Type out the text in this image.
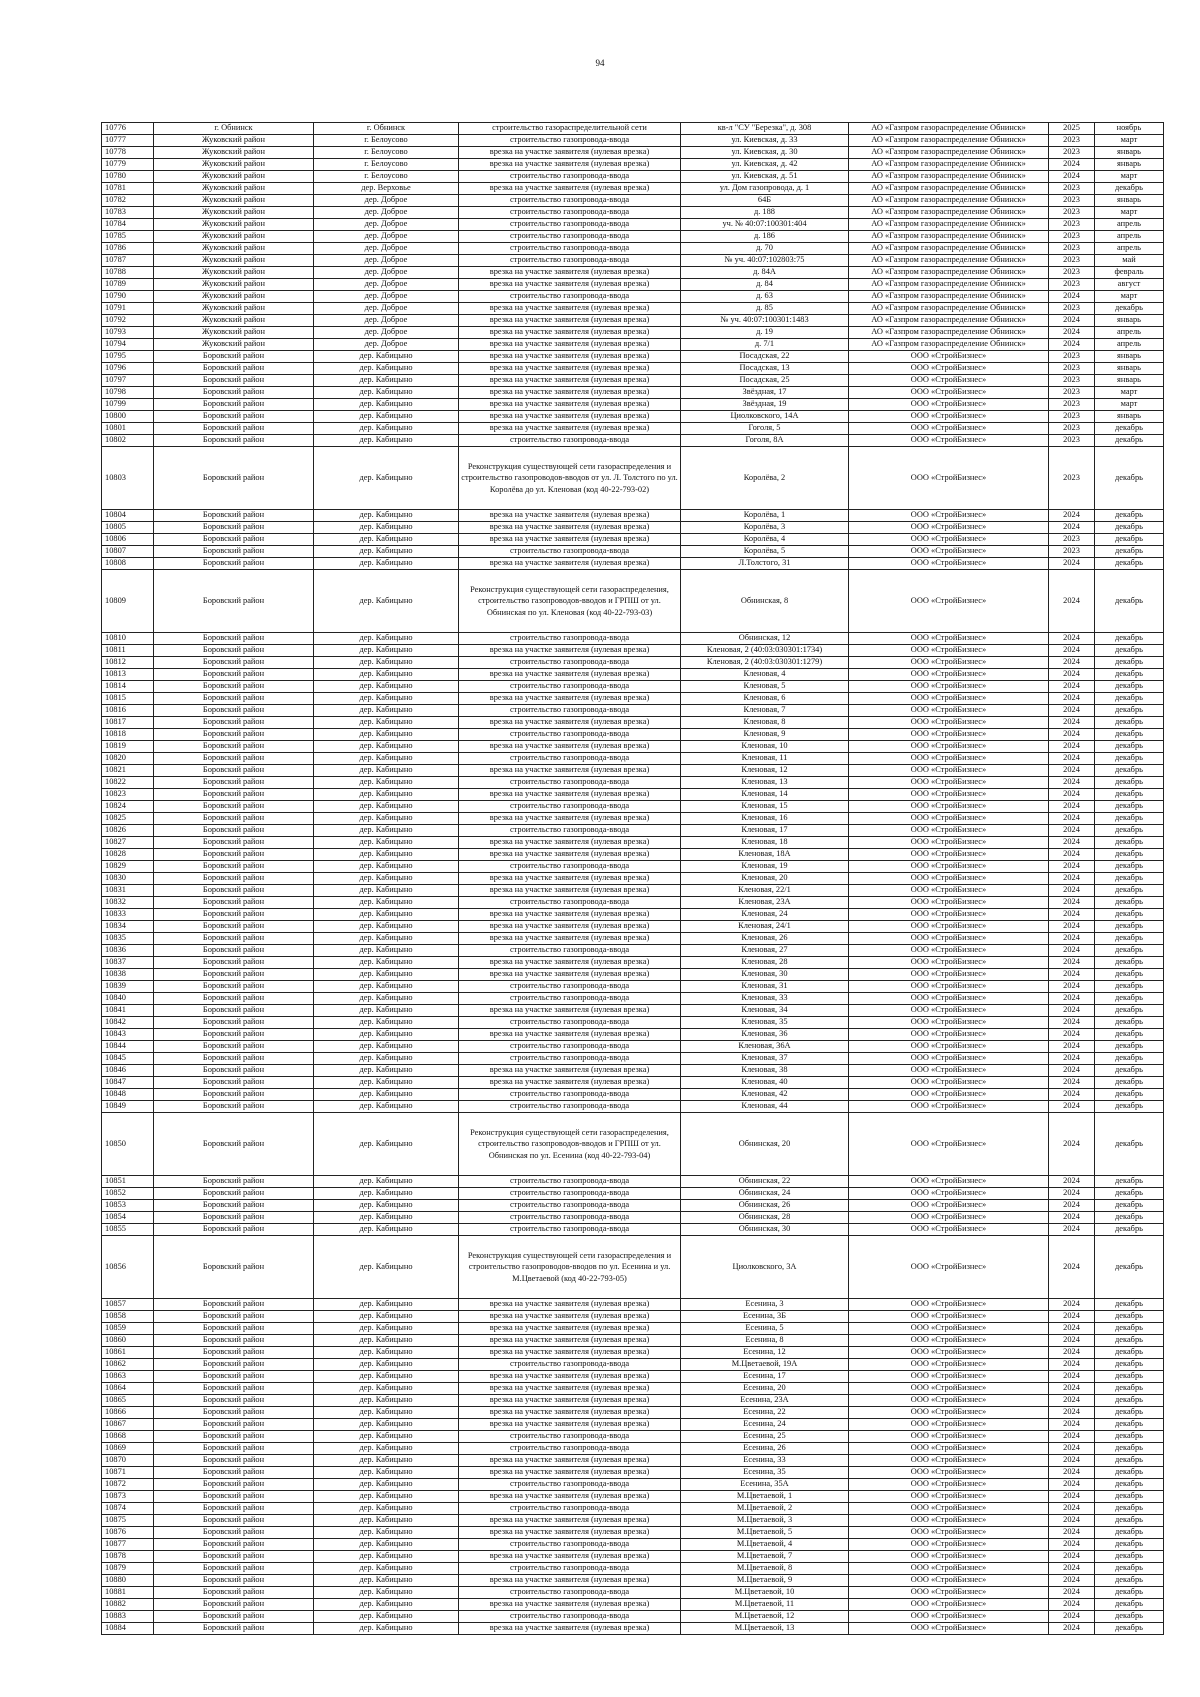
94
10776	г. Обнинск	г. Обнинск	строительство газораспределительной сети	кв-л "СУ "Березка", д. 308	АО «Газпром газораспределение Обнинск»	2025	ноябрь
10777	Жуковский район	г. Белоусово	строительство газопровода-ввода	ул. Киевская, д. 33	АО «Газпром газораспределение Обнинск»	2023	март
10778	Жуковский район	г. Белоусово	врезка на участке заявителя (нулевая врезка)	ул. Киевская, д. 30	АО «Газпром газораспределение Обнинск»	2023	январь
10779	Жуковский район	г. Белоусово	врезка на участке заявителя (нулевая врезка)	ул. Киевская, д. 42	АО «Газпром газораспределение Обнинск»	2024	январь
10780	Жуковский район	г. Белоусово	строительство газопровода-ввода	ул. Киевская, д. 51	АО «Газпром газораспределение Обнинск»	2024	март
10781	Жуковский район	дер. Верховье	врезка на участке заявителя (нулевая врезка)	ул. Дом газопровода, д. 1	АО «Газпром газораспределение Обнинск»	2023	декабрь
10782	Жуковский район	дер. Доброе	строительство газопровода-ввода	64Б	АО «Газпром газораспределение Обнинск»	2023	январь
10783	Жуковский район	дер. Доброе	строительство газопровода-ввода	д. 188	АО «Газпром газораспределение Обнинск»	2023	март
10784	Жуковский район	дер. Доброе	строительство газопровода-ввода	уч. № 40:07:100301:404	АО «Газпром газораспределение Обнинск»	2023	апрель
10785	Жуковский район	дер. Доброе	строительство газопровода-ввода	д. 186	АО «Газпром газораспределение Обнинск»	2023	апрель
10786	Жуковский район	дер. Доброе	строительство газопровода-ввода	д. 70	АО «Газпром газораспределение Обнинск»	2023	апрель
10787	Жуковский район	дер. Доброе	строительство газопровода-ввода	№ уч. 40:07:102803:75	АО «Газпром газораспределение Обнинск»	2023	май
10788	Жуковский район	дер. Доброе	врезка на участке заявителя (нулевая врезка)	д. 84А	АО «Газпром газораспределение Обнинск»	2023	февраль
10789	Жуковский район	дер. Доброе	врезка на участке заявителя (нулевая врезка)	д. 84	АО «Газпром газораспределение Обнинск»	2023	август
10790	Жуковский район	дер. Доброе	строительство газопровода-ввода	д. 63	АО «Газпром газораспределение Обнинск»	2024	март
10791	Жуковский район	дер. Доброе	врезка на участке заявителя (нулевая врезка)	д. 85	АО «Газпром газораспределение Обнинск»	2023	декабрь
10792	Жуковский район	дер. Доброе	врезка на участке заявителя (нулевая врезка)	№ уч. 40:07:100301:1483	АО «Газпром газораспределение Обнинск»	2024	январь
10793	Жуковский район	дер. Доброе	врезка на участке заявителя (нулевая врезка)	д. 19	АО «Газпром газораспределение Обнинск»	2024	апрель
10794	Жуковский район	дер. Доброе	врезка на участке заявителя (нулевая врезка)	д. 7/1	АО «Газпром газораспределение Обнинск»	2024	апрель
10795	Боровский район	дер. Кабицыно	врезка на участке заявителя (нулевая врезка)	Посадская, 22	ООО «СтройБизнес»	2023	январь
10796	Боровский район	дер. Кабицыно	врезка на участке заявителя (нулевая врезка)	Посадская, 13	ООО «СтройБизнес»	2023	январь
10797	Боровский район	дер. Кабицыно	врезка на участке заявителя (нулевая врезка)	Посадская, 25	ООО «СтройБизнес»	2023	январь
10798	Боровский район	дер. Кабицыно	врезка на участке заявителя (нулевая врезка)	Звёздная, 17	ООО «СтройБизнес»	2023	март
10799	Боровский район	дер. Кабицыно	врезка на участке заявителя (нулевая врезка)	Звёздная, 19	ООО «СтройБизнес»	2023	март
10800	Боровский район	дер. Кабицыно	врезка на участке заявителя (нулевая врезка)	Циолковского, 14А	ООО «СтройБизнес»	2023	январь
10801	Боровский район	дер. Кабицыно	врезка на участке заявителя (нулевая врезка)	Гоголя, 5	ООО «СтройБизнес»	2023	декабрь
10802	Боровский район	дер. Кабицыно	строительство газопровода-ввода	Гоголя, 8А	ООО «СтройБизнес»	2023	декабрь
10803	Боровский район	дер. Кабицыно	Реконструкция существующей сети газораспределения и строительство газопроводов-вводов от ул. Л. Толстого по ул. Королёва до ул. Кленовая (код 40-22-793-02)	Королёва, 2	ООО «СтройБизнес»	2023	декабрь
10804	Боровский район	дер. Кабицыно	врезка на участке заявителя (нулевая врезка)	Королёва, 1	ООО «СтройБизнес»	2024	декабрь
10805	Боровский район	дер. Кабицыно	врезка на участке заявителя (нулевая врезка)	Королёва, 3	ООО «СтройБизнес»	2024	декабрь
10806	Боровский район	дер. Кабицыно	врезка на участке заявителя (нулевая врезка)	Королёва, 4	ООО «СтройБизнес»	2023	декабрь
10807	Боровский район	дер. Кабицыно	строительство газопровода-ввода	Королёва, 5	ООО «СтройБизнес»	2023	декабрь
10808	Боровский район	дер. Кабицыно	врезка на участке заявителя (нулевая врезка)	Л.Толстого, 31	ООО «СтройБизнес»	2024	декабрь
10809	Боровский район	дер. Кабицыно	Реконструкция существующей сети газораспределения, строительство газопроводов-вводов и ГРПШ от ул. Обнинская по ул. Кленовая (код 40-22-793-03)	Обнинская, 8	ООО «СтройБизнес»	2024	декабрь
10810	Боровский район	дер. Кабицыно	строительство газопровода-ввода	Обнинская, 12	ООО «СтройБизнес»	2024	декабрь
10811	Боровский район	дер. Кабицыно	врезка на участке заявителя (нулевая врезка)	Кленовая, 2 (40:03:030301:1734)	ООО «СтройБизнес»	2024	декабрь
10812	Боровский район	дер. Кабицыно	строительство газопровода-ввода	Кленовая, 2 (40:03:030301:1279)	ООО «СтройБизнес»	2024	декабрь
10813	Боровский район	дер. Кабицыно	врезка на участке заявителя (нулевая врезка)	Кленовая, 4	ООО «СтройБизнес»	2024	декабрь
10814	Боровский район	дер. Кабицыно	строительство газопровода-ввода	Кленовая, 5	ООО «СтройБизнес»	2024	декабрь
10815	Боровский район	дер. Кабицыно	врезка на участке заявителя (нулевая врезка)	Кленовая, 6	ООО «СтройБизнес»	2024	декабрь
10816	Боровский район	дер. Кабицыно	строительство газопровода-ввода	Кленовая, 7	ООО «СтройБизнес»	2024	декабрь
10817	Боровский район	дер. Кабицыно	врезка на участке заявителя (нулевая врезка)	Кленовая, 8	ООО «СтройБизнес»	2024	декабрь
10818	Боровский район	дер. Кабицыно	строительство газопровода-ввода	Кленовая, 9	ООО «СтройБизнес»	2024	декабрь
10819	Боровский район	дер. Кабицыно	врезка на участке заявителя (нулевая врезка)	Кленовая, 10	ООО «СтройБизнес»	2024	декабрь
10820	Боровский район	дер. Кабицыно	строительство газопровода-ввода	Кленовая, 11	ООО «СтройБизнес»	2024	декабрь
10821	Боровский район	дер. Кабицыно	врезка на участке заявителя (нулевая врезка)	Кленовая, 12	ООО «СтройБизнес»	2024	декабрь
10822	Боровский район	дер. Кабицыно	строительство газопровода-ввода	Кленовая, 13	ООО «СтройБизнес»	2024	декабрь
10823	Боровский район	дер. Кабицыно	врезка на участке заявителя (нулевая врезка)	Кленовая, 14	ООО «СтройБизнес»	2024	декабрь
10824	Боровский район	дер. Кабицыно	строительство газопровода-ввода	Кленовая, 15	ООО «СтройБизнес»	2024	декабрь
10825	Боровский район	дер. Кабицыно	врезка на участке заявителя (нулевая врезка)	Кленовая, 16	ООО «СтройБизнес»	2024	декабрь
10826	Боровский район	дер. Кабицыно	строительство газопровода-ввода	Кленовая, 17	ООО «СтройБизнес»	2024	декабрь
10827	Боровский район	дер. Кабицыно	врезка на участке заявителя (нулевая врезка)	Кленовая, 18	ООО «СтройБизнес»	2024	декабрь
10828	Боровский район	дер. Кабицыно	врезка на участке заявителя (нулевая врезка)	Кленовая, 18А	ООО «СтройБизнес»	2024	декабрь
10829	Боровский район	дер. Кабицыно	строительство газопровода-ввода	Кленовая, 19	ООО «СтройБизнес»	2024	декабрь
10830	Боровский район	дер. Кабицыно	врезка на участке заявителя (нулевая врезка)	Кленовая, 20	ООО «СтройБизнес»	2024	декабрь
10831	Боровский район	дер. Кабицыно	врезка на участке заявителя (нулевая врезка)	Кленовая, 22/1	ООО «СтройБизнес»	2024	декабрь
10832	Боровский район	дер. Кабицыно	строительство газопровода-ввода	Кленовая, 23А	ООО «СтройБизнес»	2024	декабрь
10833	Боровский район	дер. Кабицыно	врезка на участке заявителя (нулевая врезка)	Кленовая, 24	ООО «СтройБизнес»	2024	декабрь
10834	Боровский район	дер. Кабицыно	врезка на участке заявителя (нулевая врезка)	Кленовая, 24/1	ООО «СтройБизнес»	2024	декабрь
10835	Боровский район	дер. Кабицыно	врезка на участке заявителя (нулевая врезка)	Кленовая, 26	ООО «СтройБизнес»	2024	декабрь
10836	Боровский район	дер. Кабицыно	строительство газопровода-ввода	Кленовая, 27	ООО «СтройБизнес»	2024	декабрь
10837	Боровский район	дер. Кабицыно	врезка на участке заявителя (нулевая врезка)	Кленовая, 28	ООО «СтройБизнес»	2024	декабрь
10838	Боровский район	дер. Кабицыно	врезка на участке заявителя (нулевая врезка)	Кленовая, 30	ООО «СтройБизнес»	2024	декабрь
10839	Боровский район	дер. Кабицыно	строительство газопровода-ввода	Кленовая, 31	ООО «СтройБизнес»	2024	декабрь
10840	Боровский район	дер. Кабицыно	строительство газопровода-ввода	Кленовая, 33	ООО «СтройБизнес»	2024	декабрь
10841	Боровский район	дер. Кабицыно	врезка на участке заявителя (нулевая врезка)	Кленовая, 34	ООО «СтройБизнес»	2024	декабрь
10842	Боровский район	дер. Кабицыно	строительство газопровода-ввода	Кленовая, 35	ООО «СтройБизнес»	2024	декабрь
10843	Боровский район	дер. Кабицыно	врезка на участке заявителя (нулевая врезка)	Кленовая, 36	ООО «СтройБизнес»	2024	декабрь
10844	Боровский район	дер. Кабицыно	строительство газопровода-ввода	Кленовая, 36А	ООО «СтройБизнес»	2024	декабрь
10845	Боровский район	дер. Кабицыно	строительство газопровода-ввода	Кленовая, 37	ООО «СтройБизнес»	2024	декабрь
10846	Боровский район	дер. Кабицыно	врезка на участке заявителя (нулевая врезка)	Кленовая, 38	ООО «СтройБизнес»	2024	декабрь
10847	Боровский район	дер. Кабицыно	врезка на участке заявителя (нулевая врезка)	Кленовая, 40	ООО «СтройБизнес»	2024	декабрь
10848	Боровский район	дер. Кабицыно	строительство газопровода-ввода	Кленовая, 42	ООО «СтройБизнес»	2024	декабрь
10849	Боровский район	дер. Кабицыно	строительство газопровода-ввода	Кленовая, 44	ООО «СтройБизнес»	2024	декабрь
10850	Боровский район	дер. Кабицыно	Реконструкция существующей сети газораспределения, строительство газопроводов-вводов и ГРПШ от ул. Обнинская по ул. Есенина (код 40-22-793-04)	Обнинская, 20	ООО «СтройБизнес»	2024	декабрь
10851	Боровский район	дер. Кабицыно	строительство газопровода-ввода	Обнинская, 22	ООО «СтройБизнес»	2024	декабрь
10852	Боровский район	дер. Кабицыно	строительство газопровода-ввода	Обнинская, 24	ООО «СтройБизнес»	2024	декабрь
10853	Боровский район	дер. Кабицыно	строительство газопровода-ввода	Обнинская, 26	ООО «СтройБизнес»	2024	декабрь
10854	Боровский район	дер. Кабицыно	строительство газопровода-ввода	Обнинская, 28	ООО «СтройБизнес»	2024	декабрь
10855	Боровский район	дер. Кабицыно	строительство газопровода-ввода	Обнинская, 30	ООО «СтройБизнес»	2024	декабрь
10856	Боровский район	дер. Кабицыно	Реконструкция существующей сети газораспределения и строительство газопроводов-вводов по ул. Есенина и ул. М.Цветаевой (код 40-22-793-05)	Циолковского, 3А	ООО «СтройБизнес»	2024	декабрь
10857	Боровский район	дер. Кабицыно	врезка на участке заявителя (нулевая врезка)	Есенина, 3	ООО «СтройБизнес»	2024	декабрь
10858	Боровский район	дер. Кабицыно	врезка на участке заявителя (нулевая врезка)	Есенина, 3Б	ООО «СтройБизнес»	2024	декабрь
10859	Боровский район	дер. Кабицыно	врезка на участке заявителя (нулевая врезка)	Есенина, 5	ООО «СтройБизнес»	2024	декабрь
10860	Боровский район	дер. Кабицыно	врезка на участке заявителя (нулевая врезка)	Есенина, 8	ООО «СтройБизнес»	2024	декабрь
10861	Боровский район	дер. Кабицыно	врезка на участке заявителя (нулевая врезка)	Есенина, 12	ООО «СтройБизнес»	2024	декабрь
10862	Боровский район	дер. Кабицыно	строительство газопровода-ввода	М.Цветаевой, 19А	ООО «СтройБизнес»	2024	декабрь
10863	Боровский район	дер. Кабицыно	врезка на участке заявителя (нулевая врезка)	Есенина, 17	ООО «СтройБизнес»	2024	декабрь
10864	Боровский район	дер. Кабицыно	врезка на участке заявителя (нулевая врезка)	Есенина, 20	ООО «СтройБизнес»	2024	декабрь
10865	Боровский район	дер. Кабицыно	врезка на участке заявителя (нулевая врезка)	Есенина, 23А	ООО «СтройБизнес»	2024	декабрь
10866	Боровский район	дер. Кабицыно	врезка на участке заявителя (нулевая врезка)	Есенина, 22	ООО «СтройБизнес»	2024	декабрь
10867	Боровский район	дер. Кабицыно	врезка на участке заявителя (нулевая врезка)	Есенина, 24	ООО «СтройБизнес»	2024	декабрь
10868	Боровский район	дер. Кабицыно	строительство газопровода-ввода	Есенина, 25	ООО «СтройБизнес»	2024	декабрь
10869	Боровский район	дер. Кабицыно	строительство газопровода-ввода	Есенина, 26	ООО «СтройБизнес»	2024	декабрь
10870	Боровский район	дер. Кабицыно	врезка на участке заявителя (нулевая врезка)	Есенина, 33	ООО «СтройБизнес»	2024	декабрь
10871	Боровский район	дер. Кабицыно	врезка на участке заявителя (нулевая врезка)	Есенина, 35	ООО «СтройБизнес»	2024	декабрь
10872	Боровский район	дер. Кабицыно	строительство газопровода-ввода	Есенина, 35А	ООО «СтройБизнес»	2024	декабрь
10873	Боровский район	дер. Кабицыно	врезка на участке заявителя (нулевая врезка)	М.Цветаевой, 1	ООО «СтройБизнес»	2024	декабрь
10874	Боровский район	дер. Кабицыно	строительство газопровода-ввода	М.Цветаевой, 2	ООО «СтройБизнес»	2024	декабрь
10875	Боровский район	дер. Кабицыно	врезка на участке заявителя (нулевая врезка)	М.Цветаевой, 3	ООО «СтройБизнес»	2024	декабрь
10876	Боровский район	дер. Кабицыно	врезка на участке заявителя (нулевая врезка)	М.Цветаевой, 5	ООО «СтройБизнес»	2024	декабрь
10877	Боровский район	дер. Кабицыно	строительство газопровода-ввода	М.Цветаевой, 4	ООО «СтройБизнес»	2024	декабрь
10878	Боровский район	дер. Кабицыно	врезка на участке заявителя (нулевая врезка)	М.Цветаевой, 7	ООО «СтройБизнес»	2024	декабрь
10879	Боровский район	дер. Кабицыно	строительство газопровода-ввода	М.Цветаевой, 8	ООО «СтройБизнес»	2024	декабрь
10880	Боровский район	дер. Кабицыно	врезка на участке заявителя (нулевая врезка)	М.Цветаевой, 9	ООО «СтройБизнес»	2024	декабрь
10881	Боровский район	дер. Кабицыно	строительство газопровода-ввода	М.Цветаевой, 10	ООО «СтройБизнес»	2024	декабрь
10882	Боровский район	дер. Кабицыно	врезка на участке заявителя (нулевая врезка)	М.Цветаевой, 11	ООО «СтройБизнес»	2024	декабрь
10883	Боровский район	дер. Кабицыно	строительство газопровода-ввода	М.Цветаевой, 12	ООО «СтройБизнес»	2024	декабрь
10884	Боровский район	дер. Кабицыно	врезка на участке заявителя (нулевая врезка)	М.Цветаевой, 13	ООО «СтройБизнес»	2024	декабрь
